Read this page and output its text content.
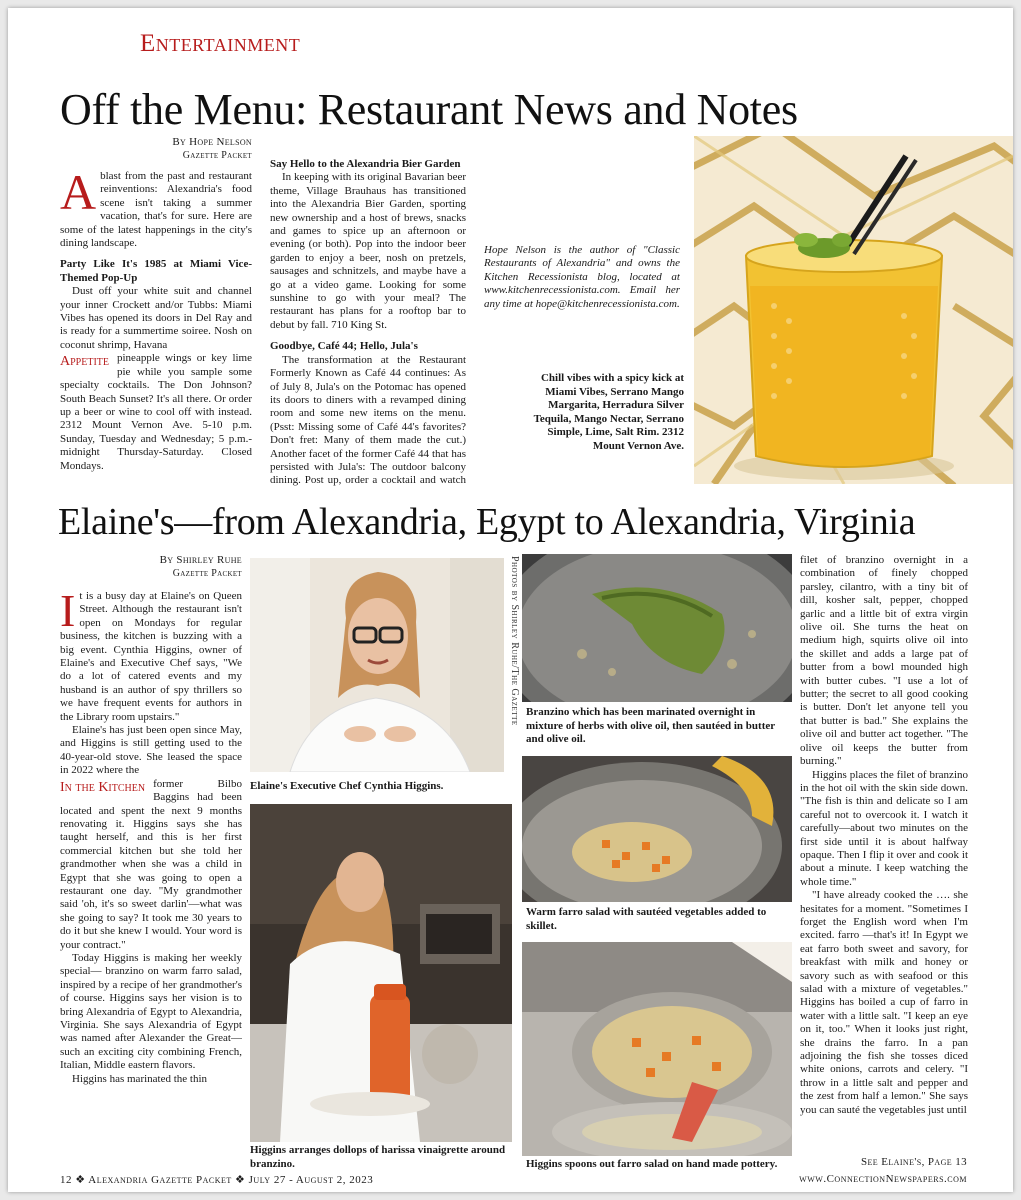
Entertainment
Off the Menu: Restaurant News and Notes
By Hope Nelson
Gazette Packet

Ablast from the past and restaurant reinventions: Alexandria's food scene isn't taking a summer vacation, that's for sure. Here are some of the latest happenings in the city's dining landscape.

Party Like It's 1985 at Miami Vice-Themed Pop-Up

Dust off your white suit and channel your inner Crockett and/or Tubbs: Miami Vibes has opened its doors in Del Ray and is ready for a summertime soiree. Nosh on coconut shrimp, Havana

Appetite pineapple wings or key lime pie while you sample some specialty cocktails. The Don Johnson? South Beach Sunset? It's all there. Or order up a beer or wine to cool off with instead. 2312 Mount Vernon Ave. 5-10 p.m. Sunday, Tuesday and Wednesday; 5 p.m.-midnight Thursday-Saturday. Closed Mondays.

Say Hello to the Alexandria Bier Garden

In keeping with its original Bavarian beer theme, Village Brauhaus has transitioned into the Alexandria Bier Garden, sporting new ownership and a host of brews, snacks and games to spice up an afternoon or evening (or both). Pop into the indoor beer garden to enjoy a beer, nosh on pretzels, sausages and schnitzels, and maybe have a go at a video game. Looking for some sunshine to go with your meal? The restaurant has plans for a rooftop bar to debut by fall. 710 King St.

Goodbye, Café 44; Hello, Jula's

The transformation at the Restaurant Formerly Known as Café 44 continues: As of July 8, Jula's on the Potomac has opened its doors to diners with a revamped dining room and some new items on the menu. (Psst: Missing some of Café 44's favorites? Don't fret: Many of them made the cut.) Another facet of the former Café 44 that has persisted with Jula's: The outdoor balcony dining. Post up, order a cocktail and watch

Hope Nelson is the author of "Classic Restaurants of Alexandria" and owns the Kitchen Recessionista blog, located at www.kitchenrecessionista.com. Email her any time at hope@kitchenrecessionista.com.

Chill vibes with a spicy kick at Miami Vibes, Serrano Mango Margarita, Herradura Silver Tequila, Mango Nectar, Serrano Simple, Lime, Salt Rim. 2312 Mount Vernon Ave.
Elaine's—from Alexandria, Egypt to Alexandria, Virginia
By Shirley Ruhe
Gazette Packet

It is a busy day at Elaine's on Queen Street. Although the restaurant isn't open on Mondays for regular business, the kitchen is buzzing with a big event. Cynthia Higgins, owner of Elaine's and Executive Chef says, "We do a lot of catered events and my husband is an author of spy thrillers so we have frequent events for authors in the Library room upstairs."

Elaine's has just been open since May, and Higgins is still getting used to the 40-year-old stove. She leased the space in 2022 where the

In the Kitchen former Bilbo Baggins had been located and spent the next 9 months renovating it. Higgins says she has taught herself, and this is her first commercial kitchen but she told her grandmother when she was a child in Egypt that she was going to open a restaurant one day. "My grandmother said 'oh, it's so sweet darlin'—what was she going to say? It took me 30 years to do it but she knew I would. Your word is your contract."

Today Higgins is making her weekly special— branzino on warm farro salad, inspired by a recipe of her grandmother's of course. Higgins says her vision is to bring Alexandria of Egypt to Alexandria, Virginia. She says Alexandria of Egypt was named after Alexander the Great—such an exciting city combining French, Italian, Middle eastern flavors.

Higgins has marinated the thin

Elaine's Executive Chef Cynthia Higgins.
Higgins arranges dollops of harissa vinaigrette around branzino.
Photos by Shirley Ruhe/The Gazette Branzino which has been marinated overnight in mixture of herbs with olive oil, then sautéed in butter and olive oil.
Warm farro salad with sautéed vegetables added to skillet.
Higgins spoons out farro salad on hand made pottery.

filet of branzino overnight in a combination of finely chopped parsley, cilantro, with a tiny bit of dill, kosher salt, pepper, chopped garlic and a little bit of extra virgin olive oil. She turns the heat on medium high, squirts olive oil into the skillet and adds a large pat of butter from a bowl mounded high with butter cubes. "I use a lot of butter; the secret to all good cooking is butter. Don't let anyone tell you that butter is bad." She explains the olive oil and butter act together. "The olive oil keeps the butter from burning."

Higgins places the filet of branzino in the hot oil with the skin side down. "The fish is thin and delicate so I am careful not to overcook it. I watch it carefully—about two minutes on the first side until it is about halfway opaque. Then I flip it over and cook it about a minute. I keep watching the whole time."

"I have already cooked the …. she hesitates for a moment. "Sometimes I forget the English word when I'm excited. farro —that's it! In Egypt we eat farro both sweet and savory, for breakfast with milk and honey or savory such as with seafood or this salad with a mixture of vegetables." Higgins has boiled a cup of farro in water with a little salt. "I keep an eye on it, too." When it looks just right, she drains the farro. In a pan adjoining the fish she tosses diced white onions, carrots and celery. "I throw in a little salt and pepper and the zest from half a lemon." She says you can sauté the vegetables just until

See Elaine's, Page 13
12 ❖ Alexandria Gazette Packet ❖ July 27 - August 2, 2023	www.ConnectionNewspapers.com
